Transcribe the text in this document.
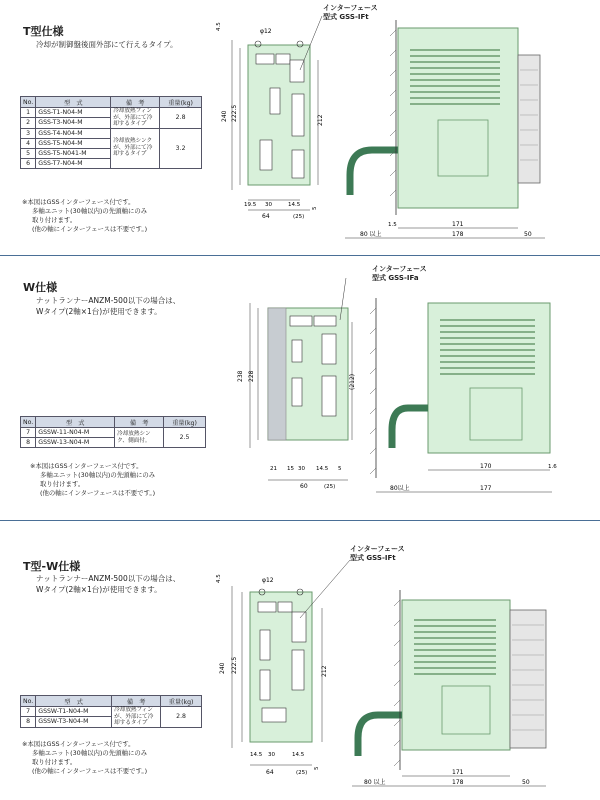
T型仕様
冷却が制御盤後面外部にて行えるタイプ。
No.	型　式	備　考	重量(kg)
1	GSS-T1-N04-M	冷却放熱フィンが、外部にて冷却するタイプ	2.8
2	GSS-T3-N04-M		
3	GSS-T4-N04-M	冷却放熱シンクが、外部にて冷却するタイプ	3.2
4	GSS-T5-N04-M		
5	GSS-T5-N041-M		
6	GSS-T7-N04-M		
※本図はGSSインターフェース付です。
多軸ユニット(30軸以内)の先頭軸にのみ
取り付けます。
(他の軸にインターフェースは不要です。)
インターフェース
型式 GSS-IFt
φ12
4.5
240 222.5	212
19.5 30	14.5
64	(25)
5
1.5	171
80 以上	178	50
W仕様
ナットランナーANZM-500以下の場合は、
Wタイプ(2軸×1台)が使用できます。
No.	型　式	備　考	重量(kg)
7	GSSW-11-N04-M	冷却放熱シンク、側面付。	2.5
8	GSSW-13-N04-M		
※本図はGSSインターフェース付です。
多軸ユニット(30軸以内)の先頭軸にのみ
取り付けます。
(他の軸にインターフェースは不要です。)
インターフェース
型式 GSS-IFa
238 228	(212)
21 15 30 14.5 5
60	(25)
170	1.6
80以上	177
T型-W仕様
ナットランナーANZM-500以下の場合は、
Wタイプ(2軸×1台)が使用できます。
No.	型　式	備　考	重量(kg)
7	GSSW-T1-N04-M	冷却放熱フィンが、外部にて冷却するタイプ	2.8
8	GSSW-T3-N04-M		
※本図はGSSインターフェース付です。
多軸ユニット(30軸以内)の先頭軸にのみ
取り付けます。
(他の軸にインターフェースは不要です。)
インターフェース
型式 GSS-IFt
4.5	φ12
240 222.5	212
14.5 30	14.5
64	(25)
5
171
80 以上	178	50
